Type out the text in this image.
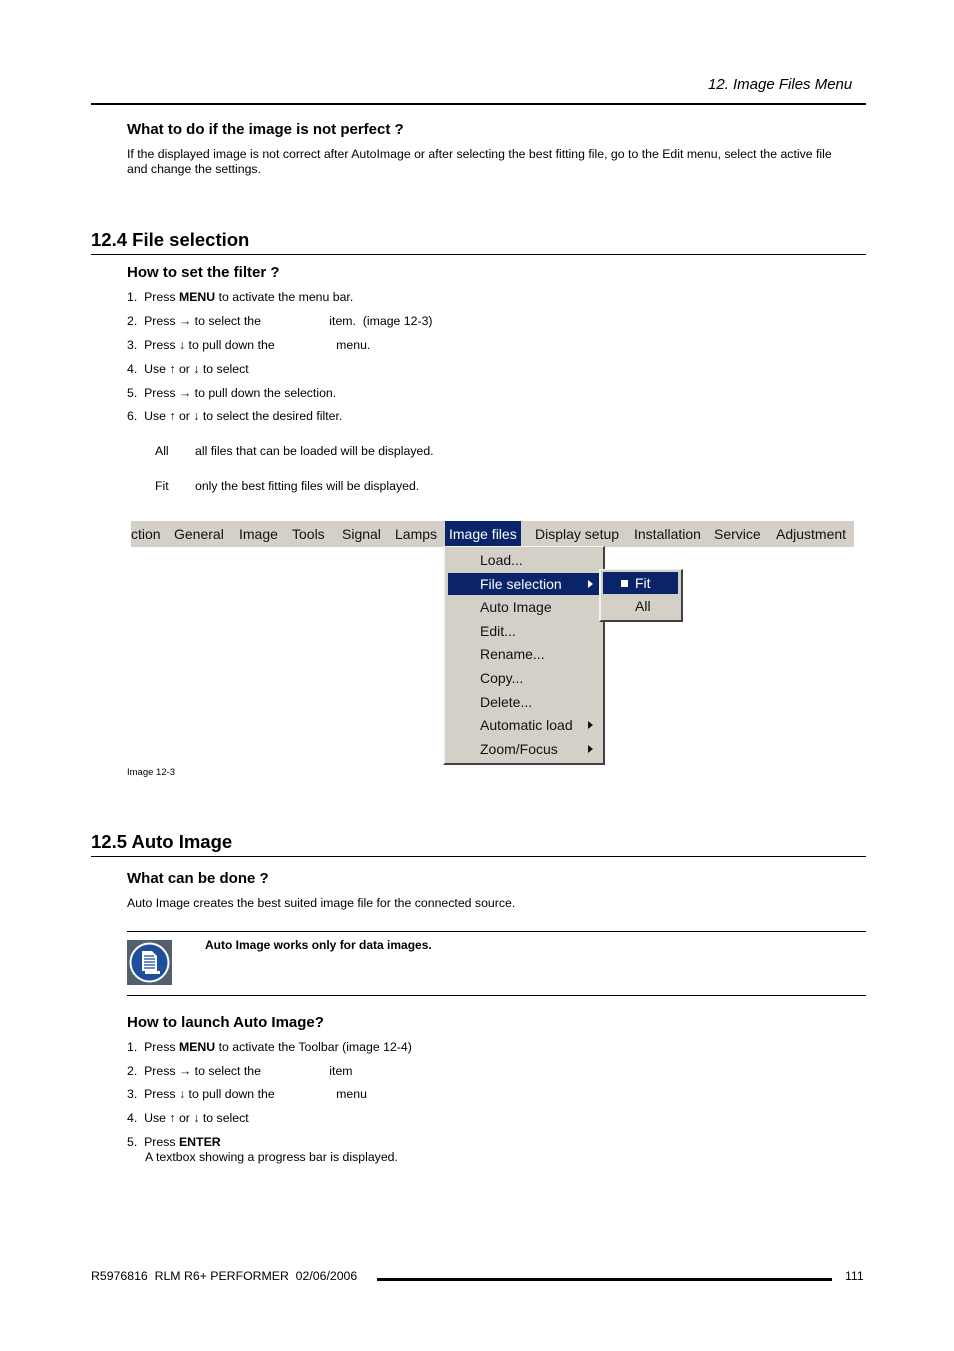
12. Image Files Menu
What to do if the image is not perfect ?
If the displayed image is not correct after AutoImage or after selecting the best fitting file, go to the Edit menu, select the active file
and change the settings.
12.4 File selection
How to set the filter ?
1. Press MENU to activate the menu bar.
2. Press → to select the                    item.  (image 12-3)
3. Press ↓ to pull down the                  menu.
4. Use ↑ or ↓ to select
5. Press → to pull down the selection.
6. Use ↑ or ↓ to select the desired filter.
All all files that can be loaded will be displayed.
Fit only the best fitting files will be displayed.
ction General Image Tools Signal Lamps Image files Display setup Installation Service Adjustment
Load...
File selection
Auto Image
Edit...
Rename...
Copy...
Delete...
Automatic load
Zoom/Focus
Fit
All
Image 12-3
12.5 Auto Image
What can be done ?
Auto Image creates the best suited image file for the connected source.
Auto Image works only for data images.
How to launch Auto Image?
1. Press MENU to activate the Toolbar (image 12-4)
2. Press → to select the                    item
3. Press ↓ to pull down the                  menu
4. Use ↑ or ↓ to select
5. Press ENTER
A textbox showing a progress bar is displayed.
R5976816  RLM R6+ PERFORMER  02/06/2006	111
